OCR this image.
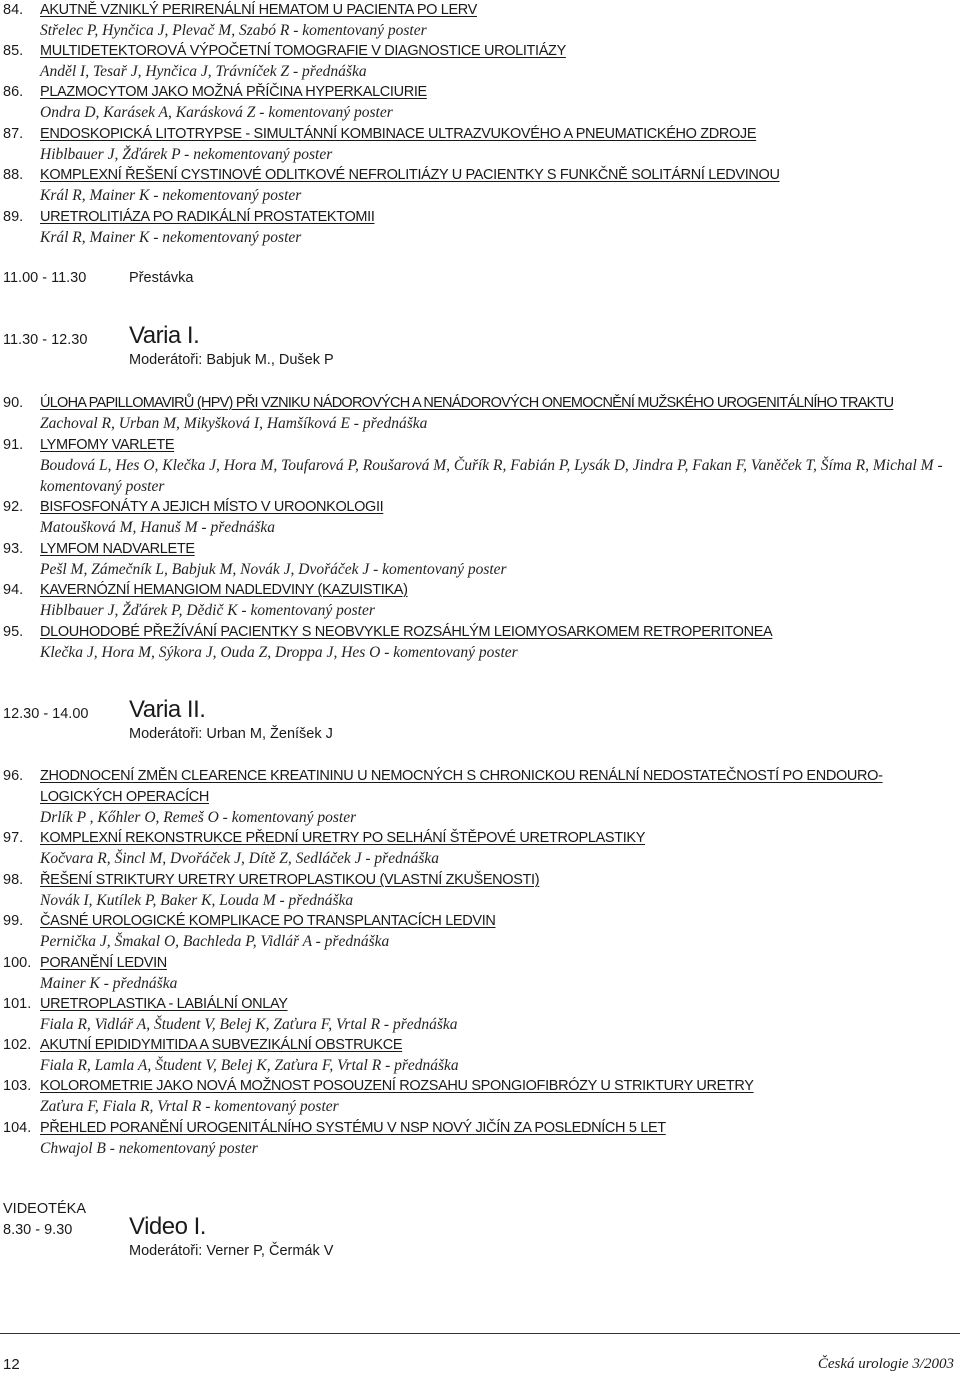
84. AKUTNĚ VZNIKLÝ PERIRENÁLNÍ HEMATOM U PACIENTA PO LERV
Střelec P, Hynčica J, Plevač M, Szabó R - komentovaný poster
85. MULTIDETEKTOROVÁ VÝPOČETNÍ TOMOGRAFIE V DIAGNOSTICE UROLITIÁZY
Anděl I, Tesař J, Hynčica J, Trávníček Z - přednáška
86. PLAZMOCYTOM JAKO MOŽNÁ PŘÍČINA HYPERKALCIURIE
Ondra D, Karásek A, Karásková Z - komentovaný poster
87. ENDOSKOPICKÁ LITOTRYPSE - SIMULTÁNNÍ KOMBINACE ULTRAZVUKOVÉHO A PNEUMATICKÉHO ZDROJE
Hiblbauer J, Žďárek P - nekomentovaný poster
88. KOMPLEXNÍ ŘEŠENÍ CYSTINOVÉ ODLITKOVÉ NEFROLITIÁZY U PACIENTKY S FUNKČNĚ SOLITÁRNÍ LEDVINOU
Král R, Mainer K - nekomentovaný poster
89. URETROLITIÁZA PO RADIKÁLNÍ PROSTATEKTOMII
Král R, Mainer K - nekomentovaný poster
11.00 - 11.30	Přestávka
11.30 - 12.30 Varia I.
Moderátoři: Babjuk M., Dušek P
90. ÚLOHA PAPILLOMAVIRŮ (HPV) PŘI VZNIKU NÁDOROVÝCH A NENÁDOROVÝCH ONEMOCNĚNÍ MUŽSKÉHO UROGENITÁLNÍHO TRAKTU
Zachoval R, Urban M, Mikyšková I, Hamšíková E - přednáška
91. LYMFOMY VARLETE
Boudová L, Hes O, Klečka J, Hora M, Toufarová P, Roušarová M, Čuřík R, Fabián P, Lysák D, Jindra P, Fakan F, Vaněček T, Šíma R, Michal M - komentovaný poster
92. BISFOSFONÁTY A JEJICH MÍSTO V UROONKOLOGII
Matoušková M, Hanuš M - přednáška
93. LYMFOM NADVARLETE
Pešl M, Zámečník L, Babjuk M, Novák J, Dvořáček J - komentovaný poster
94. KAVERNÓZNÍ HEMANGIOM NADLEDVINY (KAZUISTIKA)
Hiblbauer J, Žďárek P, Dědič K - komentovaný poster
95. DLOUHODOBÉ PŘEŽÍVÁNÍ PACIENTKY S NEOBVYKLE ROZSÁHLÝM LEIOMYOSARKOMEM RETROPERITONEA
Klečka J, Hora M, Sýkora J, Ouda Z, Droppa J, Hes O - komentovaný poster
12.30 - 14.00 Varia II.
Moderátoři: Urban M, Ženíšek J
96. ZHODNOCENÍ ZMĚN CLEARENCE KREATININU U NEMOCNÝCH S CHRONICKOU RENÁLNÍ NEDOSTATEČNOSTÍ PO ENDOURO-LOGICKÝCH OPERACÍCH
Drlík P , Kőhler O, Remeš O - komentovaný poster
97. KOMPLEXNÍ REKONSTRUKCE PŘEDNÍ URETRY PO SELHÁNÍ ŠTĚPOVÉ URETROPLASTIKY
Kočvara R, Šincl M, Dvořáček J, Dítě Z, Sedláček J - přednáška
98. ŘEŠENÍ STRIKTURY URETRY URETROPLASTIKOU (VLASTNÍ ZKUŠENOSTI)
Novák I, Kutílek P, Baker K, Louda M - přednáška
99. ČASNÉ UROLOGICKÉ KOMPLIKACE PO TRANSPLANTACÍCH LEDVIN
Pernička J, Šmakal O, Bachleda P, Vidlář A - přednáška
100. PORANĚNÍ LEDVIN
Mainer K - přednáška
101. URETROPLASTIKA - LABIÁLNÍ ONLAY
Fiala R, Vidlář A, Študent V, Belej K, Zaťura F, Vrtal R - přednáška
102. AKUTNÍ EPIDIDYMITIDA A SUBVEZIKÁLNÍ OBSTRUKCE
Fiala R, Lamla A, Študent V, Belej K, Zaťura F, Vrtal R - přednáška
103. KOLOROMETRIE JAKO NOVÁ MOŽNOST POSOUZENÍ ROZSAHU SPONGIOFIBRÓZY U STRIKTURY URETRY
Zaťura F, Fiala R, Vrtal R - komentovaný poster
104. PŘEHLED PORANĚNÍ UROGENITÁLNÍHO SYSTÉMU V NSP NOVÝ JIČÍN ZA POSLEDNÍCH 5 LET
Chwajol B - nekomentovaný poster
VIDEOTÉKA
8.30 - 9.30 Video I.
Moderátoři: Verner P, Čermák V
12	Česká urologie 3/2003
